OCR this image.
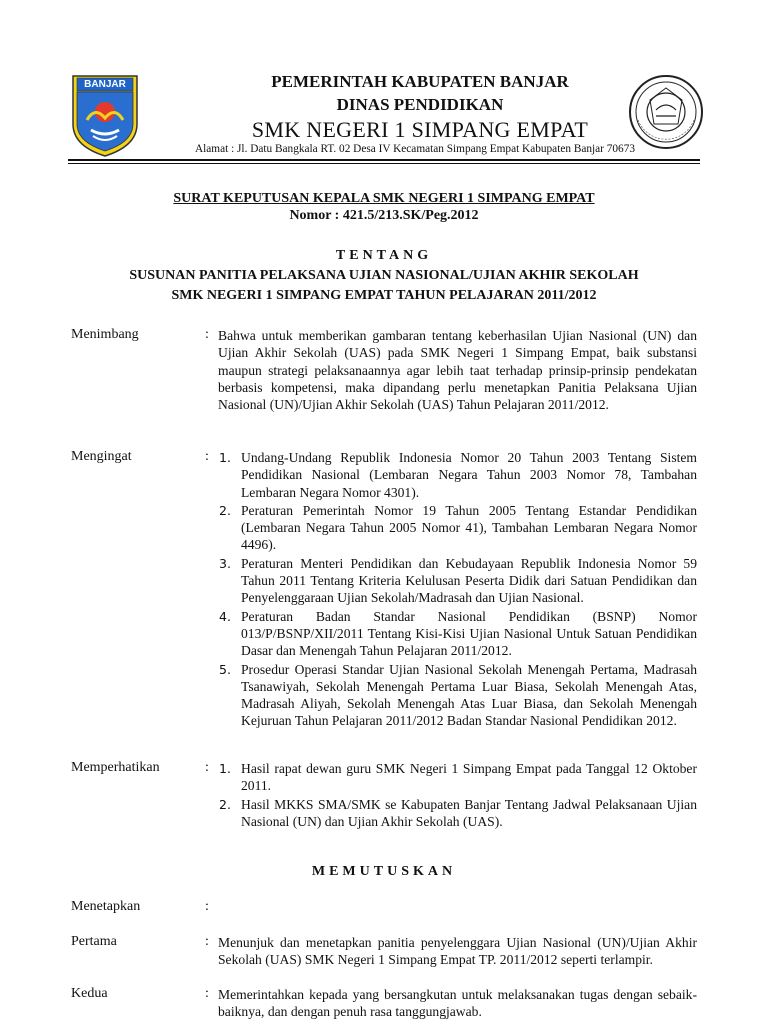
BANJAR	PEMERINTAH KABUPATEN BANJAR
DINAS PENDIDIKAN
SMK NEGERI 1 SIMPANG EMPAT
Alamat : Jl. Datu Bangkala RT. 02 Desa IV Kecamatan Simpang Empat Kabupaten Banjar 70673
SURAT KEPUTUSAN KEPALA SMK NEGERI 1 SIMPANG EMPAT
Nomor : 421.5/213.SK/Peg.2012
TENTANG
SUSUNAN PANITIA PELAKSANA UJIAN NASIONAL/UJIAN AKHIR SEKOLAH
SMK NEGERI 1 SIMPANG EMPAT TAHUN PELAJARAN 2011/2012
Menimbang	: Bahwa untuk memberikan gambaran tentang keberhasilan Ujian Nasional (UN) dan Ujian Akhir Sekolah (UAS) pada SMK Negeri 1 Simpang Empat, baik substansi maupun strategi pelaksanaannya agar lebih taat terhadap prinsip-prinsip pendekatan berbasis kompetensi, maka dipandang perlu menetapkan Panitia Pelaksana Ujian Nasional (UN)/Ujian Akhir Sekolah (UAS) Tahun Pelajaran 2011/2012.
Mengingat	: 1. Undang-Undang Republik Indonesia Nomor 20 Tahun 2003 Tentang Sistem Pendidikan Nasional (Lembaran Negara Tahun 2003 Nomor 78, Tambahan Lembaran Negara Nomor 4301).
2. Peraturan Pemerintah Nomor 19 Tahun 2005 Tentang Estandar Pendidikan (Lembaran Negara Tahun 2005 Nomor 41), Tambahan Lembaran Negara Nomor 4496).
3. Peraturan Menteri Pendidikan dan Kebudayaan Republik Indonesia Nomor 59 Tahun 2011 Tentang Kriteria Kelulusan Peserta Didik dari Satuan Pendidikan dan Penyelenggaraan Ujian Sekolah/Madrasah dan Ujian Nasional.
4. Peraturan Badan Standar Nasional Pendidikan (BSNP) Nomor 013/P/BSNP/XII/2011 Tentang Kisi-Kisi Ujian Nasional Untuk Satuan Pendidikan Dasar dan Menengah Tahun Pelajaran 2011/2012.
5. Prosedur Operasi Standar Ujian Nasional Sekolah Menengah Pertama, Madrasah Tsanawiyah, Sekolah Menengah Pertama Luar Biasa, Sekolah Menengah Atas, Madrasah Aliyah, Sekolah Menengah Atas Luar Biasa, dan Sekolah Menengah Kejuruan Tahun Pelajaran 2011/2012 Badan Standar Nasional Pendidikan 2012.
Memperhatikan	: 1. Hasil rapat dewan guru SMK Negeri 1 Simpang Empat pada Tanggal 12 Oktober 2011.
2. Hasil MKKS SMA/SMK se Kabupaten Banjar Tentang Jadwal Pelaksanaan Ujian Nasional (UN) dan Ujian Akhir Sekolah (UAS).
MEMUTUSKAN
Menetapkan	:
Pertama	: Menunjuk dan menetapkan panitia penyelenggara Ujian Nasional (UN)/Ujian Akhir Sekolah (UAS) SMK Negeri 1 Simpang Empat TP. 2011/2012 seperti terlampir.
Kedua	: Memerintahkan kepada yang bersangkutan untuk melaksanakan tugas dengan sebaik-baiknya, dan dengan penuh rasa tanggungjawab.
